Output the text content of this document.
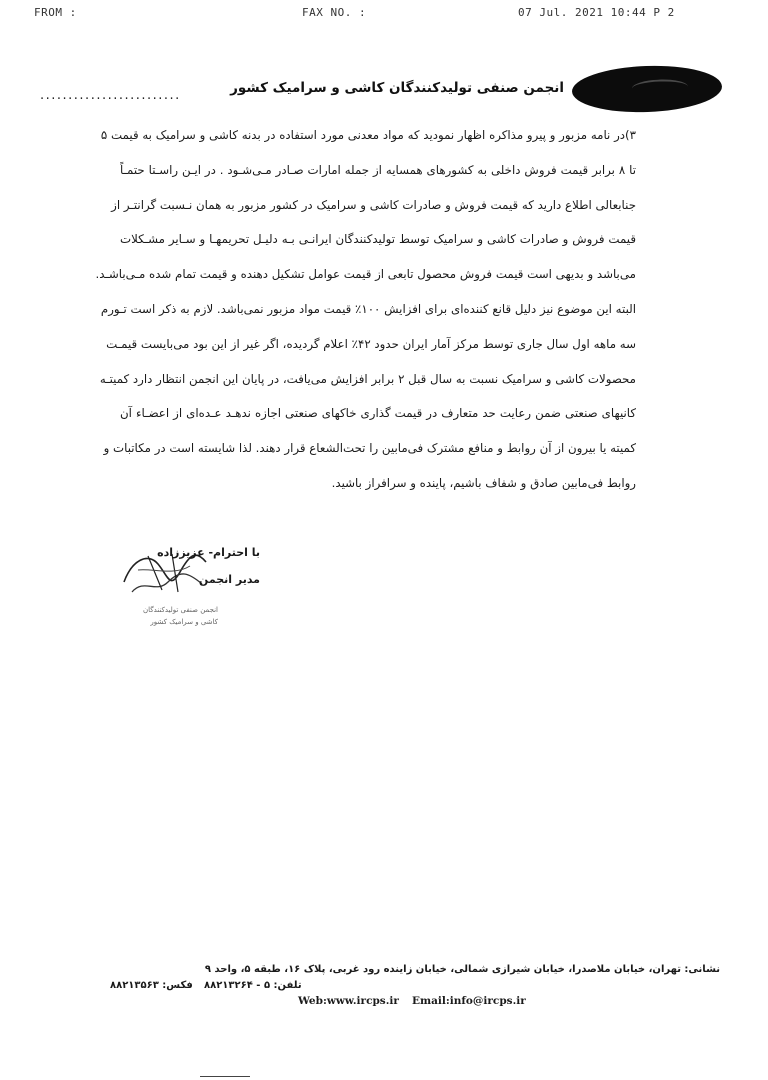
FROM :	FAX NO. :	07 Jul. 2021 10:44 P 2
انجمن صنفی تولیدکنندگان کاشی و سرامیک کشور
.........................
۳)در نامه مزبور و پیرو مذاکره اظهار نمودید که مواد معدنی مورد استفاده در بدنه کاشی و سرامیک به قیمت ۵
تا ۸ برابر قیمت فروش داخلی به کشورهای همسایه از جمله امارات صـادر مـی‌شـود . در ایـن راسـتا حتمـاً
جنابعالی اطلاع دارید که قیمت فروش و صادرات کاشی و سرامیک در کشور مزبور به همان نـسبت گرانتـر از
قیمت فروش و صادرات کاشی و سرامیک توسط تولیدکنندگان ایرانـی بـه دلیـل تحریمهـا و سـایر مشـکلات
می‌باشد و بدیهی است قیمت فروش محصول تابعی از قیمت عوامل تشکیل دهنده و قیمت تمام شده مـی‌باشـد.
البته این موضوع نیز دلیل قانع کننده‌ای برای افزایش ۱۰۰٪ قیمت مواد مزبور نمی‌باشد. لازم به ذکر است تـورم
سه ماهه اول سال جاری توسط مرکز آمار ایران حدود ۴۲٪ اعلام گردیده، اگر غیر از این بود می‌بایست قیمـت
محصولات کاشی و سرامیک نسبت به سال قبل ۲ برابر افزایش می‌یافت، در پایان این انجمن انتظار دارد کمیتـه
کانیهای صنعتی ضمن رعایت حد متعارف در قیمت گذاری خاکهای صنعتی اجازه ندهـد عـده‌ای از اعضـاء آن
کمیته یا بیرون از آن روابط و منافع مشترک فی‌مابین را تحت‌الشعاع قرار دهند. لذا شایسته است در مکاتبات و
روابط فی‌مابین صادق و شفاف باشیم، پاینده و سرافراز باشید.
با احترام- عزیززاده
مدیر انجمن
انجمن صنفی تولیدکنندگان
کاشی و سرامیک کشور
نشانی: تهران، خیابان ملاصدرا، خیابان شیرازی شمالی، خیابان زاینده رود غربی، پلاک ۱۶، طبقه ۵، واحد ۹
تلفن: ۵ - ۸۸۲۱۳۲۶۴
فکس: ۸۸۲۱۳۵۶۳
Web:www.ircps.ir Email:info@ircps.ir
